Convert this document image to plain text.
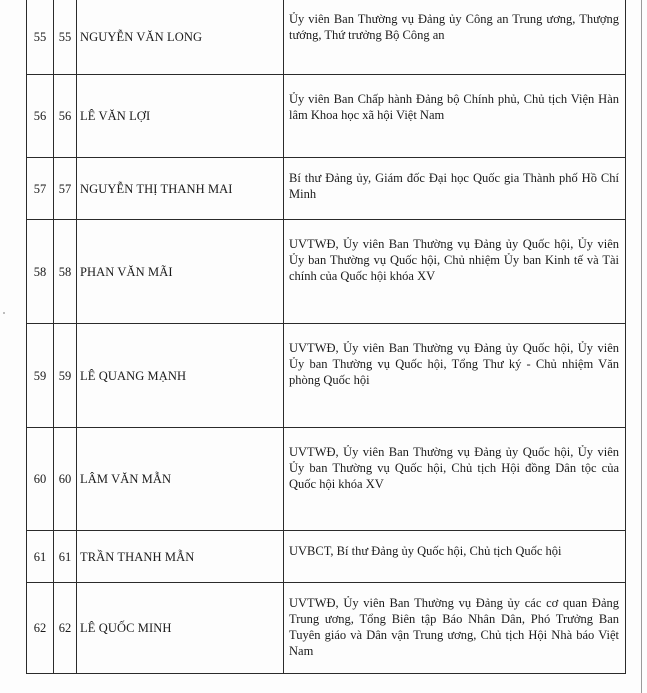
55	55	NGUYỄN VĂN LONG	Ủy viên Ban Thường vụ Đảng ủy Công an Trung ương, Thượng tướng, Thứ trưởng Bộ Công an
56	56	LÊ VĂN LỢI	Ủy viên Ban Chấp hành Đảng bộ Chính phủ, Chủ tịch Viện Hàn lâm Khoa học xã hội Việt Nam
57	57	NGUYỄN THỊ THANH MAI	Bí thư Đảng ủy, Giám đốc Đại học Quốc gia Thành phố Hồ Chí Minh
58	58	PHAN VĂN MÃI	UVTWĐ, Ủy viên Ban Thường vụ Đảng ủy Quốc hội, Ủy viên Ủy ban Thường vụ Quốc hội, Chủ nhiệm Ủy ban Kinh tế và Tài chính của Quốc hội khóa XV
59	59	LÊ QUANG MẠNH	UVTWĐ, Ủy viên Ban Thường vụ Đảng ủy Quốc hội, Ủy viên Ủy ban Thường vụ Quốc hội, Tổng Thư ký - Chủ nhiệm Văn phòng Quốc hội
60	60	LÂM VĂN MẪN	UVTWĐ, Ủy viên Ban Thường vụ Đảng ủy Quốc hội, Ủy viên Ủy ban Thường vụ Quốc hội, Chủ tịch Hội đồng Dân tộc của Quốc hội khóa XV
61	61	TRẦN THANH MẪN	UVBCT, Bí thư Đảng ủy Quốc hội, Chủ tịch Quốc hội
62	62	LÊ QUỐC MINH	UVTWĐ, Ủy viên Ban Thường vụ Đảng ủy các cơ quan Đảng Trung ương, Tổng Biên tập Báo Nhân Dân, Phó Trưởng Ban Tuyên giáo và Dân vận Trung ương, Chủ tịch Hội Nhà báo Việt Nam
